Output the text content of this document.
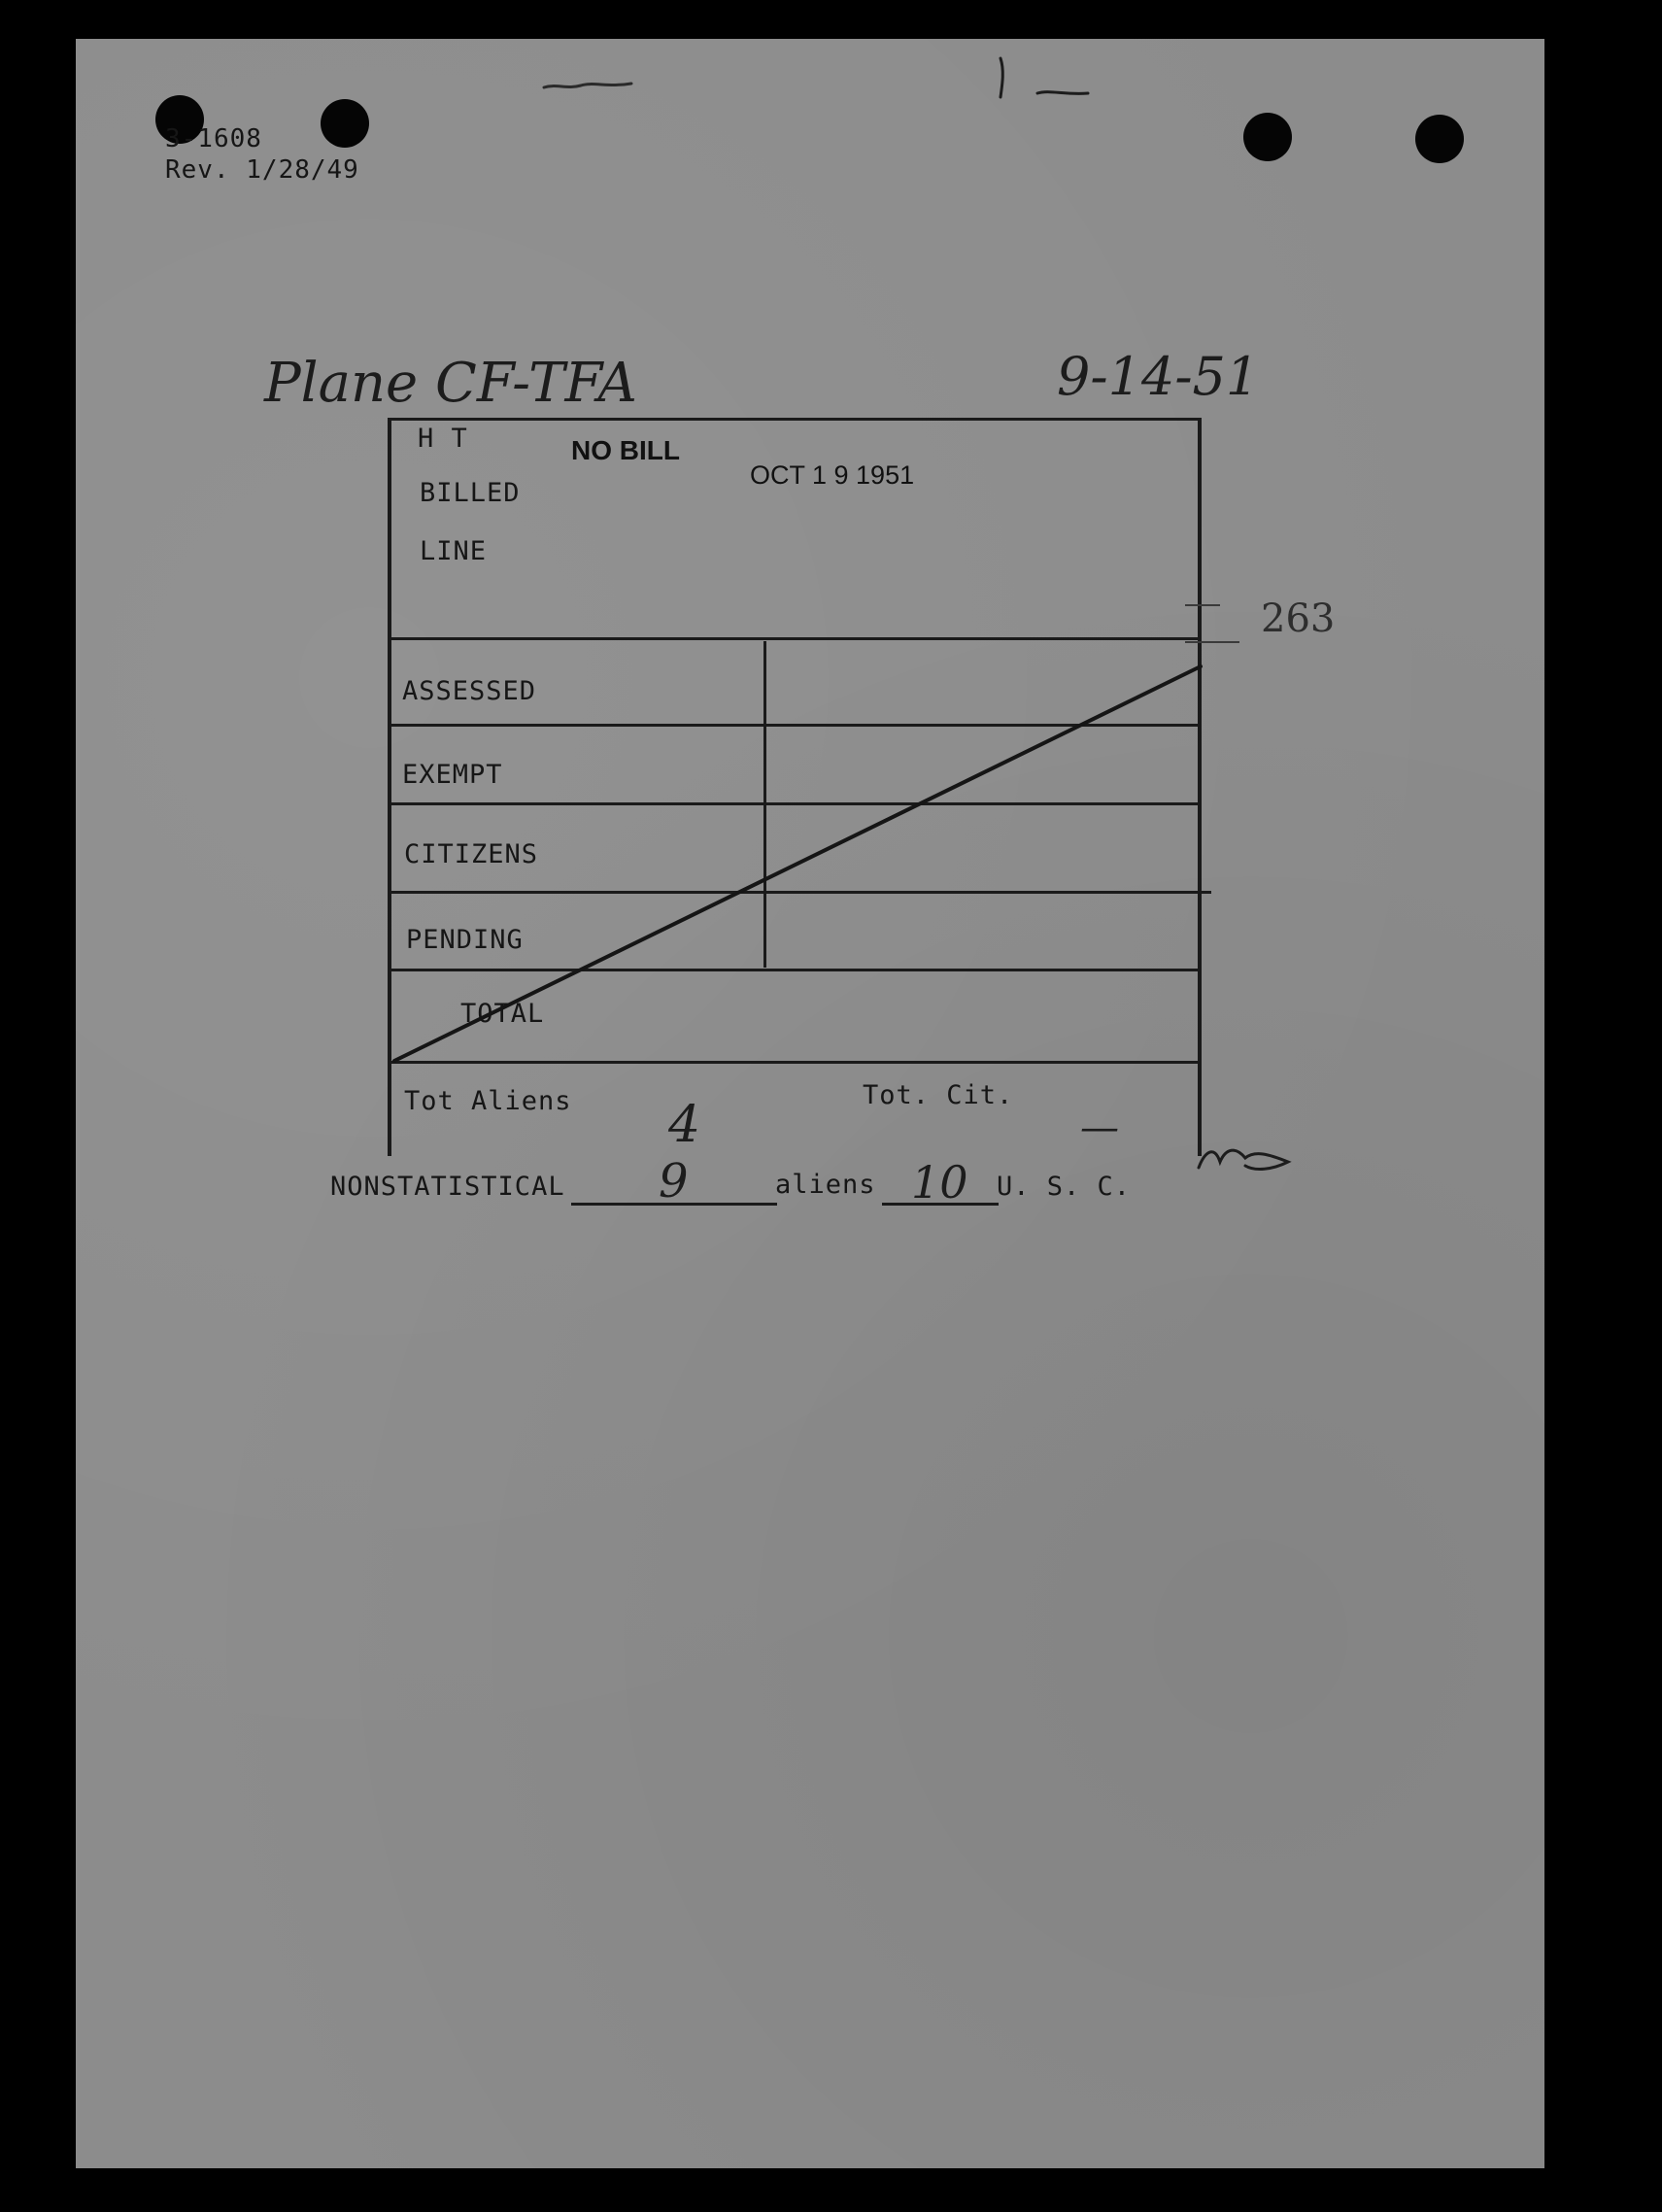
3-1608
Rev. 1/28/49
Plane CF-TFA	9-14-51
H T
BILLED
LINE
NO BILL
OCT 1 9 1951
263
ASSESSED
EXEMPT
CITIZENS
PENDING
TOTAL
Tot Aliens 4
Tot. Cit.
—
NONSTATISTICAL 9	aliens 10 U. S. C.
